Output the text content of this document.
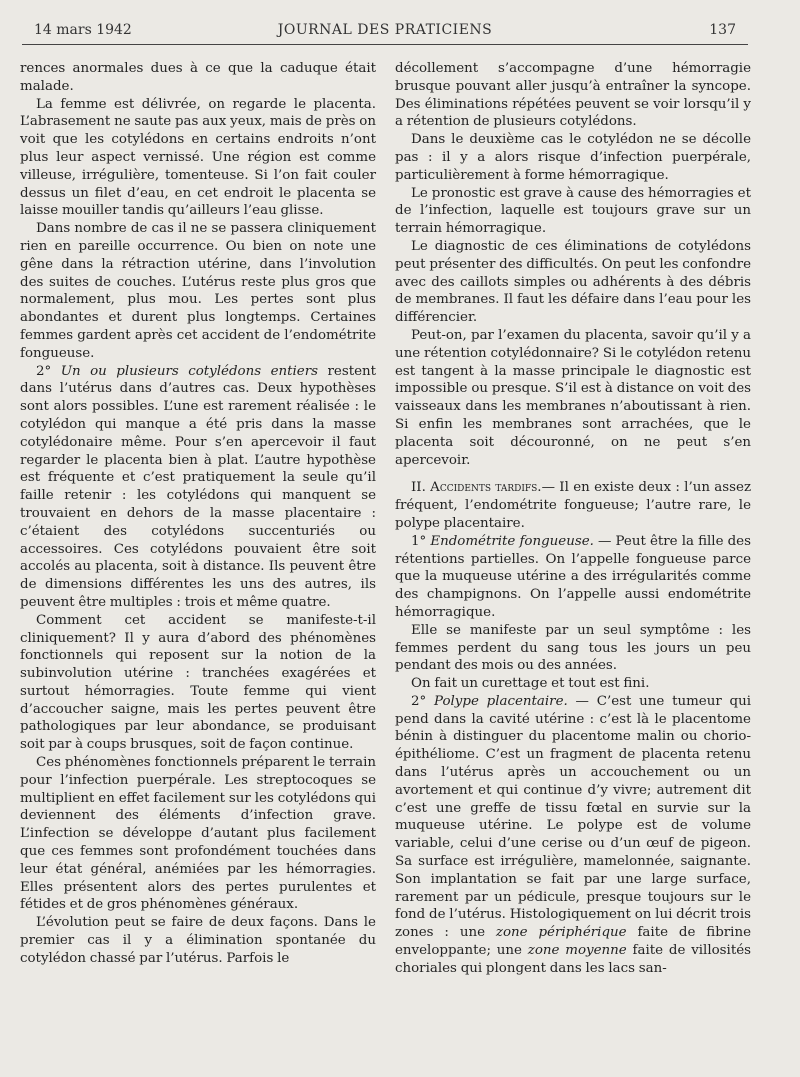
14 mars 1942	JOURNAL DES PRATICIENS	137

rences anormales dues à ce que la caduque était malade.

La femme est délivrée, on regarde le placenta. L’abrasement ne saute pas aux yeux, mais de près on voit que les cotylédons en certains endroits n’ont plus leur aspect vernissé. Une région est comme villeuse, irrégulière, tomenteuse. Si l’on fait couler dessus un filet d’eau, en cet endroit le placenta se laisse mouiller tandis qu’ailleurs l’eau glisse.

Dans nombre de cas il ne se passera cliniquement rien en pareille occurrence. Ou bien on note une gêne dans la rétraction utérine, dans l’involution des suites de couches. L’utérus reste plus gros que normalement, plus mou. Les pertes sont plus abondantes et durent plus longtemps. Certaines femmes gardent après cet accident de l’endométrite fongueuse.

2° Un ou plusieurs cotylédons entiers restent dans l’utérus dans d’autres cas. Deux hypothèses sont alors possibles. L’une est rarement réalisée : le cotylédon qui manque a été pris dans la masse cotylédonaire même. Pour s’en apercevoir il faut regarder le placenta bien à plat. L’autre hypothèse est fréquente et c’est pratiquement la seule qu’il faille retenir : les cotylédons qui manquent se trouvaient en dehors de la masse placentaire : c’étaient des cotylédons succenturiés ou accessoires. Ces cotylédons pouvaient être soit accolés au placenta, soit à distance. Ils peuvent être de dimensions différentes les uns des autres, ils peuvent être multiples : trois et même quatre.

Comment cet accident se manifeste-t-il cliniquement? Il y aura d’abord des phénomènes fonctionnels qui reposent sur la notion de la subinvolution utérine : tranchées exagérées et surtout hémorragies. Toute femme qui vient d’accoucher saigne, mais les pertes peuvent être pathologiques par leur abondance, se produisant soit par à coups brusques, soit de façon continue.

Ces phénomènes fonctionnels préparent le terrain pour l’infection puerpérale. Les streptocoques se multiplient en effet facilement sur les cotylédons qui deviennent des éléments d’infection grave. L’infection se développe d’autant plus facilement que ces femmes sont profondément touchées dans leur état général, anémiées par les hémorragies. Elles présentent alors des pertes purulentes et fétides et de gros phénomènes généraux.

L’évolution peut se faire de deux façons. Dans le premier cas il y a élimination spontanée du cotylédon chassé par l’utérus. Parfois le

décollement s’accompagne d’une hémorragie brusque pouvant aller jusqu’à entraîner la syncope. Des éliminations répétées peuvent se voir lorsqu’il y a rétention de plusieurs cotylédons.

Dans le deuxième cas le cotylédon ne se décolle pas : il y a alors risque d’infection puerpérale, particulièrement à forme hémorragique.

Le pronostic est grave à cause des hémorragies et de l’infection, laquelle est toujours grave sur un terrain hémorragique.

Le diagnostic de ces éliminations de cotylédons peut présenter des difficultés. On peut les confondre avec des caillots simples ou adhérents à des débris de membranes. Il faut les défaire dans l’eau pour les différencier.

Peut-on, par l’examen du placenta, savoir qu’il y a une rétention cotylédonnaire? Si le cotylédon retenu est tangent à la masse principale le diagnostic est impossible ou presque. S’il est à distance on voit des vaisseaux dans les membranes n’aboutissant à rien. Si enfin les membranes sont arrachées, que le placenta soit découronné, on ne peut s’en apercevoir.

II. Accidents tardifs.— Il en existe deux : l’un assez fréquent, l’endométrite fongueuse; l’autre rare, le polype placentaire.

1° Endométrite fongueuse. — Peut être la fille des rétentions partielles. On l’appelle fongueuse parce que la muqueuse utérine a des irrégularités comme des champignons. On l’appelle aussi endométrite hémorragique.

Elle se manifeste par un seul symptôme : les femmes perdent du sang tous les jours un peu pendant des mois ou des années.

On fait un curettage et tout est fini.

2° Polype placentaire. — C’est une tumeur qui pend dans la cavité utérine : c’est là le placentome bénin à distinguer du placentome malin ou chorio-épithéliome. C’est un fragment de placenta retenu dans l’utérus après un accouchement ou un avortement et qui continue d’y vivre; autrement dit c’est une greffe de tissu fœtal en survie sur la muqueuse utérine. Le polype est de volume variable, celui d’une cerise ou d’un œuf de pigeon. Sa surface est irrégulière, mamelonnée, saignante. Son implantation se fait par une large surface, rarement par un pédicule, presque toujours sur le fond de l’utérus. Histologiquement on lui décrit trois zones : une zone périphérique faite de fibrine enveloppante; une zone moyenne faite de villosités choriales qui plongent dans les lacs san-
